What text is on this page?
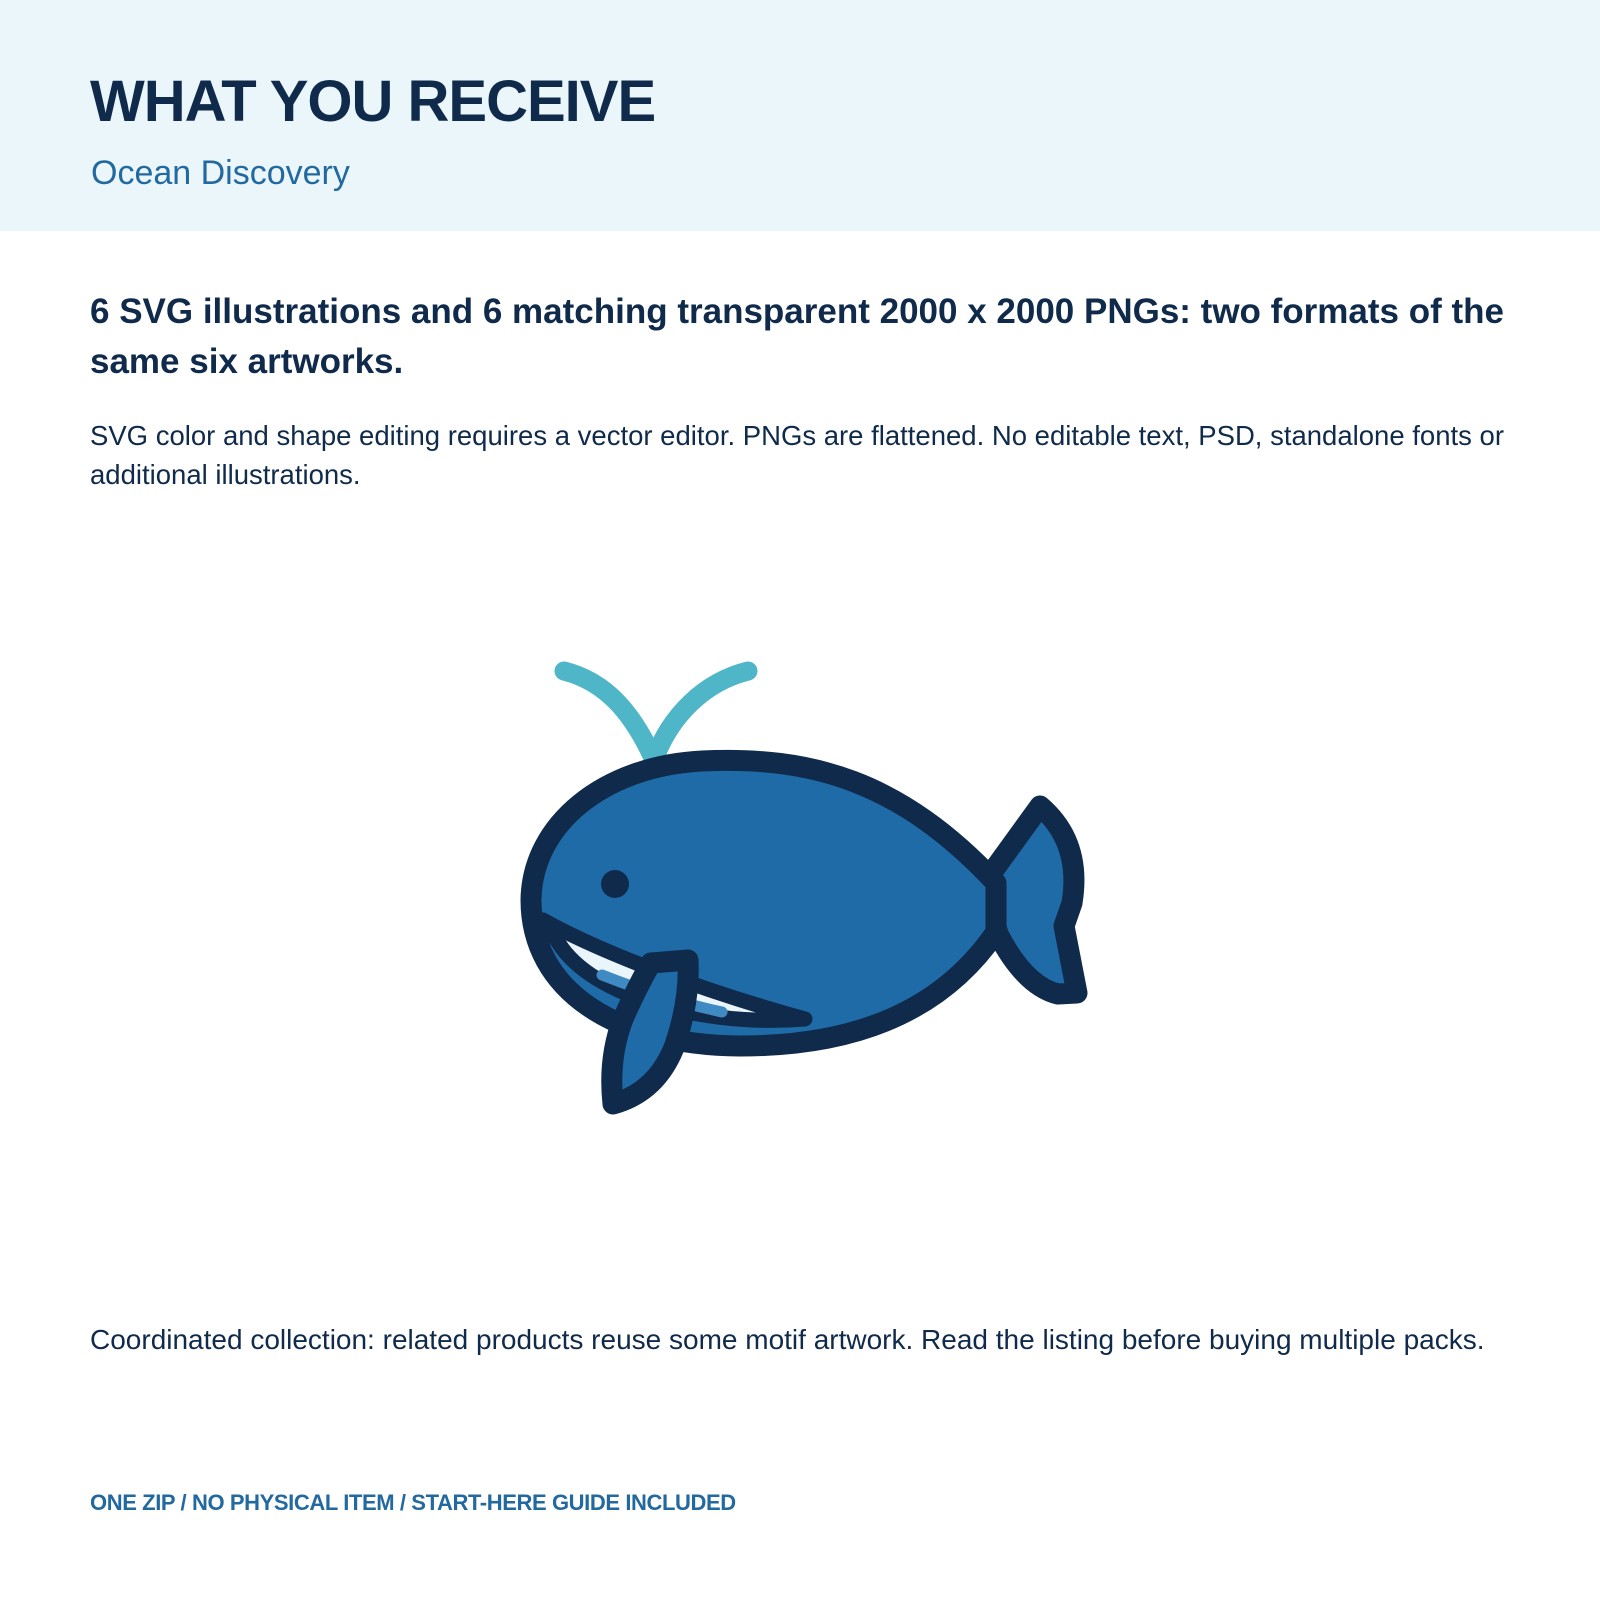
WHAT YOU RECEIVE

Ocean Discovery

6 SVG illustrations and 6 matching transparent 2000 x 2000 PNGs: two formats of the same six artworks.

SVG color and shape editing requires a vector editor. PNGs are flattened. No editable text, PSD, standalone fonts or additional illustrations.

Coordinated collection: related products reuse some motif artwork. Read the listing before buying multiple packs.

ONE ZIP / NO PHYSICAL ITEM / START-HERE GUIDE INCLUDED
